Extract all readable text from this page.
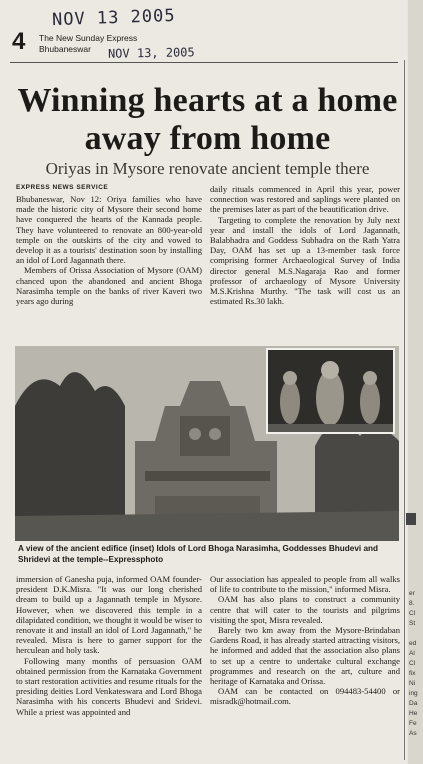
NOV 13 2005
4 The New Sunday Express
Bhubaneswar	NOV 13, 2005
Winning hearts at a home away from home
Oriyas in Mysore renovate ancient temple there
EXPRESS NEWS SERVICE

Bhubaneswar, Nov 12: Oriya families who have made the historic city of Mysore their second home have conquered the hearts of the Kannada people. They have volunteered to renovate an 800-year-old temple on the outskirts of the city and vowed to develop it as a tourists' destination soon by installing an idol of Lord Jagannath there.

Members of Orissa Association of Mysore (OAM) chanced upon the abandoned and ancient Bhoga Narasimha temple on the banks of river Kaveri two years ago during

daily rituals commenced in April this year, power connection was restored and saplings were planted on the premises later as part of the beautification drive.

Targeting to complete the renovation by July next year and install the idols of Lord Jagannath, Balabhadra and Goddess Subhadra on the Rath Yatra Day, OAM has set up a 13-member task force comprising former Archaeological Survey of India director general M.S.Nagaraja Rao and former professor of archaeology of Mysore University M.S.Krishna Murthy. "The task will cost us an estimated Rs.30 lakh.

A view of the ancient edifice (inset) Idols of Lord Bhoga Narasimha, Goddesses Bhudevi and Shridevi at the temple--Expressphoto

immersion of Ganesha puja, informed OAM founder-president D.K.Misra. "It was our long cherished dream to build up a Jagannath temple in Mysore. However, when we discovered this temple in a dilapidated condition, we thought it would be wiser to renovate it and install an idol of Lord Jagannath," he revealed. Misra is here to garner support for the herculean and holy task.

Following many months of persuasion OAM obtained permission from the Karnataka Government to start restoration activities and resume rituals for the presiding deities Lord Venkateswara and Lord Bhoga Narasimha with his concerts Bhudevi and Sridevi. While a priest was appointed and

Our association has appealed to people from all walks of life to contribute to the mission," informed Misra.

OAM has also plans to construct a community centre that will cater to the tourists and pilgrims visiting the spot, Misra revealed.

Barely two km away from the Mysore-Brindaban Gardens Road, it has already started attracting visitors, he informed and added that the association also plans to set up a centre to undertake cultural exchange programmes and research on the art, culture and heritage of Karnataka and Orissa.

OAM can be contacted on 094483-54400 or misradk@hotmail.com.

er
8.
Cl
St
ed
Al
Cl
fix
Ni
ing
Da
He
Fe
As
